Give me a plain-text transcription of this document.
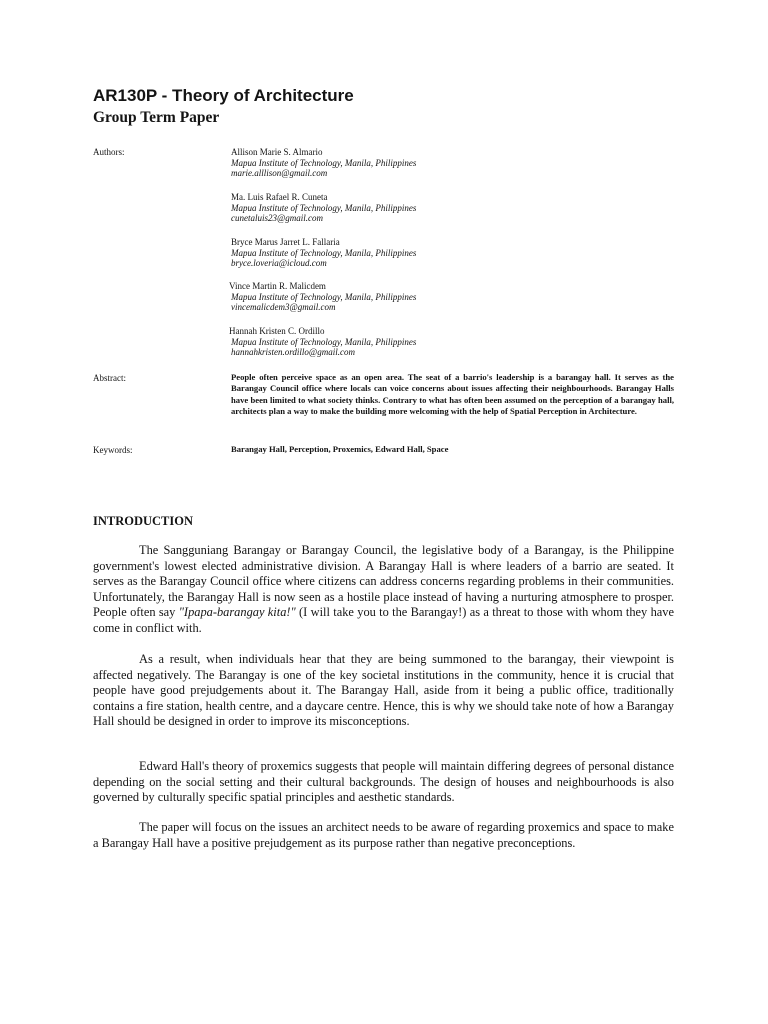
AR130P - Theory of Architecture
Group Term Paper
Authors:	Allison Marie S. Almario
Mapua Institute of Technology, Manila, Philippines
marie.alllison@gmail.com
Ma. Luis Rafael R. Cuneta
Mapua Institute of Technology, Manila, Philippines
cunetaluis23@gmail.com
Bryce Marus Jarret L. Fallaria
Mapua Institute of Technology, Manila, Philippines
bryce.loveria@icloud.com
Vince Martin R. Malicdem
Mapua Institute of Technology, Manila, Philippines
vincemalicdem3@gmail.com
Hannah Kristen C. Ordillo
Mapua Institute of Technology, Manila, Philippines
hannahkristen.ordillo@gmail.com
Abstract:	People often perceive space as an open area. The seat of a barrio's leadership is a barangay hall. It serves as the Barangay Council office where locals can voice concerns about issues affecting their neighbourhoods. Barangay Halls have been limited to what society thinks. Contrary to what has often been assumed on the perception of a barangay hall, architects plan a way to make the building more welcoming with the help of Spatial Perception in Architecture.
Keywords:	Barangay Hall, Perception, Proxemics, Edward Hall, Space
INTRODUCTION
The Sangguniang Barangay or Barangay Council, the legislative body of a Barangay, is the Philippine government's lowest elected administrative division. A Barangay Hall is where leaders of a barrio are seated. It serves as the Barangay Council office where citizens can address concerns regarding problems in their communities. Unfortunately, the Barangay Hall is now seen as a hostile place instead of having a nurturing atmosphere to prosper. People often say "Ipapa-barangay kita!" (I will take you to the Barangay!) as a threat to those with whom they have come in conflict with.
As a result, when individuals hear that they are being summoned to the barangay, their viewpoint is affected negatively. The Barangay is one of the key societal institutions in the community, hence it is crucial that people have good prejudgements about it. The Barangay Hall, aside from it being a public office, traditionally contains a fire station, health centre, and a daycare centre. Hence, this is why we should take note of how a Barangay Hall should be designed in order to improve its misconceptions.
Edward Hall's theory of proxemics suggests that people will maintain differing degrees of personal distance depending on the social setting and their cultural backgrounds. The design of houses and neighbourhoods is also governed by culturally specific spatial principles and aesthetic standards.
The paper will focus on the issues an architect needs to be aware of regarding proxemics and space to make a Barangay Hall have a positive prejudgement as its purpose rather than negative preconceptions.
